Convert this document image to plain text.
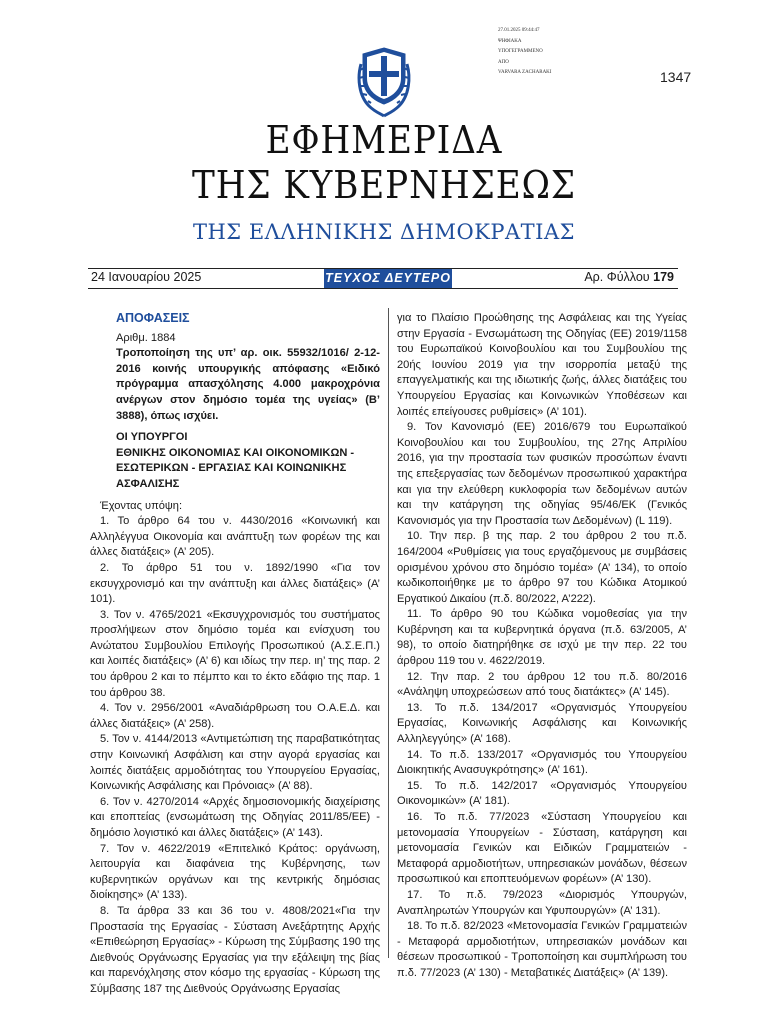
27.01.2025 09:44:47
ΨΗΦΙΑΚΑ
ΥΠΟΓΕΓΡΑΜΜΕΝΟ
ΑΠΟ
VARVARA ZACHARAKI	1347
ΕΦΗΜΕΡΙΔΑ
ΤΗΣ ΚΥΒΕΡΝΗΣΕΩΣ
ΤΗΣ ΕΛΛΗΝΙΚΗΣ ΔΗΜΟΚΡΑΤΙΑΣ
24 Ιανουαρίου 2025	ΤΕΥΧΟΣ ΔΕΥΤΕΡΟ	Αρ. Φύλλου 179
ΑΠΟΦΑΣΕΙΣ
Αριθμ. 1884
Τροποποίηση της υπ’ αρ. οικ. 55932/1016/ 2-12-2016 κοινής υπουργικής απόφασης «Ειδικό πρόγραμμα απασχόλησης 4.000 μακροχρόνια ανέργων στον δημόσιο τομέα της υγείας» (Β’ 3888), όπως ισχύει.
ΟΙ ΥΠΟΥΡΓΟΙ
ΕΘΝΙΚΗΣ ΟΙΚΟΝΟΜΙΑΣ ΚΑΙ ΟΙΚΟΝΟΜΙΚΩΝ - ΕΣΩΤΕΡΙΚΩΝ - ΕΡΓΑΣΙΑΣ ΚΑΙ ΚΟΙΝΩΝΙΚΗΣ ΑΣΦΑΛΙΣΗΣ

Έχοντας υπόψη:

1. Το άρθρο 64 του ν. 4430/2016 «Κοινωνική και Αλληλέγγυα Οικονομία και ανάπτυξη των φορέων της και άλλες διατάξεις» (Α’ 205).

2. Το άρθρο 51 του ν. 1892/1990 «Για τον εκσυγχρονισμό και την ανάπτυξη και άλλες διατάξεις» (Α’ 101).

3. Τον ν. 4765/2021 «Εκσυγχρονισμός του συστήματος προσλήψεων στον δημόσιο τομέα και ενίσχυση του Ανώτατου Συμβουλίου Επιλογής Προσωπικού (Α.Σ.Ε.Π.) και λοιπές διατάξεις» (Α’ 6) και ιδίως την περ. ιη’ της παρ. 2 του άρθρου 2 και το πέμπτο και το έκτο εδάφιο της παρ. 1 του άρθρου 38.

4. Τον ν. 2956/2001 «Αναδιάρθρωση του Ο.Α.Ε.Δ. και άλλες διατάξεις» (Α’ 258).

5. Τον ν. 4144/2013 «Αντιμετώπιση της παραβατικότητας στην Κοινωνική Ασφάλιση και στην αγορά εργασίας και λοιπές διατάξεις αρμοδιότητας του Υπουργείου Εργασίας, Κοινωνικής Ασφάλισης και Πρόνοιας» (Α’ 88).

6. Τον ν. 4270/2014 «Αρχές δημοσιονομικής διαχείρισης και εποπτείας (ενσωμάτωση της Οδηγίας 2011/85/ΕΕ) - δημόσιο λογιστικό και άλλες διατάξεις» (Α’ 143).

7. Τον ν. 4622/2019 «Επιτελικό Κράτος: οργάνωση, λειτουργία και διαφάνεια της Κυβέρνησης, των κυβερνητικών οργάνων και της κεντρικής δημόσιας διοίκησης» (Α’ 133).

8. Τα άρθρα 33 και 36 του ν. 4808/2021«Για την Προστασία της Εργασίας - Σύσταση Ανεξάρτητης Αρχής «Επιθεώρηση Εργασίας» - Κύρωση της Σύμβασης 190 της Διεθνούς Οργάνωσης Εργασίας για την εξάλειψη της βίας και παρενόχλησης στον κόσμο της εργασίας - Κύρωση της Σύμβασης 187 της Διεθνούς Οργάνωσης Εργασίας

για το Πλαίσιο Προώθησης της Ασφάλειας και της Υγείας στην Εργασία - Ενσωμάτωση της Οδηγίας (ΕΕ) 2019/1158 του Ευρωπαϊκού Κοινοβουλίου και του Συμβουλίου της 20ής Ιουνίου 2019 για την ισορροπία μεταξύ της επαγγελματικής και της ιδιωτικής ζωής, άλλες διατάξεις του Υπουργείου Εργασίας και Κοινωνικών Υποθέσεων και λοιπές επείγουσες ρυθμίσεις» (Α’ 101).

9. Τον Κανονισμό (ΕΕ) 2016/679 του Ευρωπαϊκού Κοινοβουλίου και του Συμβουλίου, της 27ης Απριλίου 2016, για την προστασία των φυσικών προσώπων έναντι της επεξεργασίας των δεδομένων προσωπικού χαρακτήρα και για την ελεύθερη κυκλοφορία των δεδομένων αυτών και την κατάργηση της οδηγίας 95/46/ΕΚ (Γενικός Κανονισμός για την Προστασία των Δεδομένων) (L 119).

10. Την περ. β της παρ. 2 του άρθρου 2 του π.δ. 164/2004 «Ρυθμίσεις για τους εργαζόμενους με συμβάσεις ορισμένου χρόνου στο δημόσιο τομέα» (Α’ 134), το οποίο κωδικοποιήθηκε με το άρθρο 97 του Κώδικα Ατομικού Εργατικού Δικαίου (π.δ. 80/2022, Α’222).

11. Το άρθρο 90 του Κώδικα νομοθεσίας για την Κυβέρνηση και τα κυβερνητικά όργανα (π.δ. 63/2005, Α’ 98), το οποίο διατηρήθηκε σε ισχύ με την περ. 22 του άρθρου 119 του ν. 4622/2019.

12. Την παρ. 2 του άρθρου 12 του π.δ. 80/2016 «Ανάληψη υποχρεώσεων από τους διατάκτες» (Α’ 145).

13. Το π.δ. 134/2017 «Οργανισμός Υπουργείου Εργασίας, Κοινωνικής Ασφάλισης και Κοινωνικής Αλληλεγγύης» (Α’ 168).

14. Το π.δ. 133/2017 «Οργανισμός του Υπουργείου Διοικητικής Ανασυγκρότησης» (Α’ 161).

15. Το π.δ. 142/2017 «Οργανισμός Υπουργείου Οικονομικών» (Α’ 181).

16. Το π.δ. 77/2023 «Σύσταση Υπουργείου και μετονομασία Υπουργείων - Σύσταση, κατάργηση και μετονομασία Γενικών και Ειδικών Γραμματειών - Μεταφορά αρμοδιοτήτων, υπηρεσιακών μονάδων, θέσεων προσωπικού και εποπτευόμενων φορέων» (Α’ 130).

17. Το π.δ. 79/2023 «Διορισμός Υπουργών, Αναπληρωτών Υπουργών και Υφυπουργών» (Α’ 131).

18. Το π.δ. 82/2023 «Μετονομασία Γενικών Γραμματειών - Μεταφορά αρμοδιοτήτων, υπηρεσιακών μονάδων και θέσεων προσωπικού - Τροποποίηση και συμπλήρωση του π.δ. 77/2023 (Α’ 130) - Μεταβατικές Διατάξεις» (Α’ 139).
